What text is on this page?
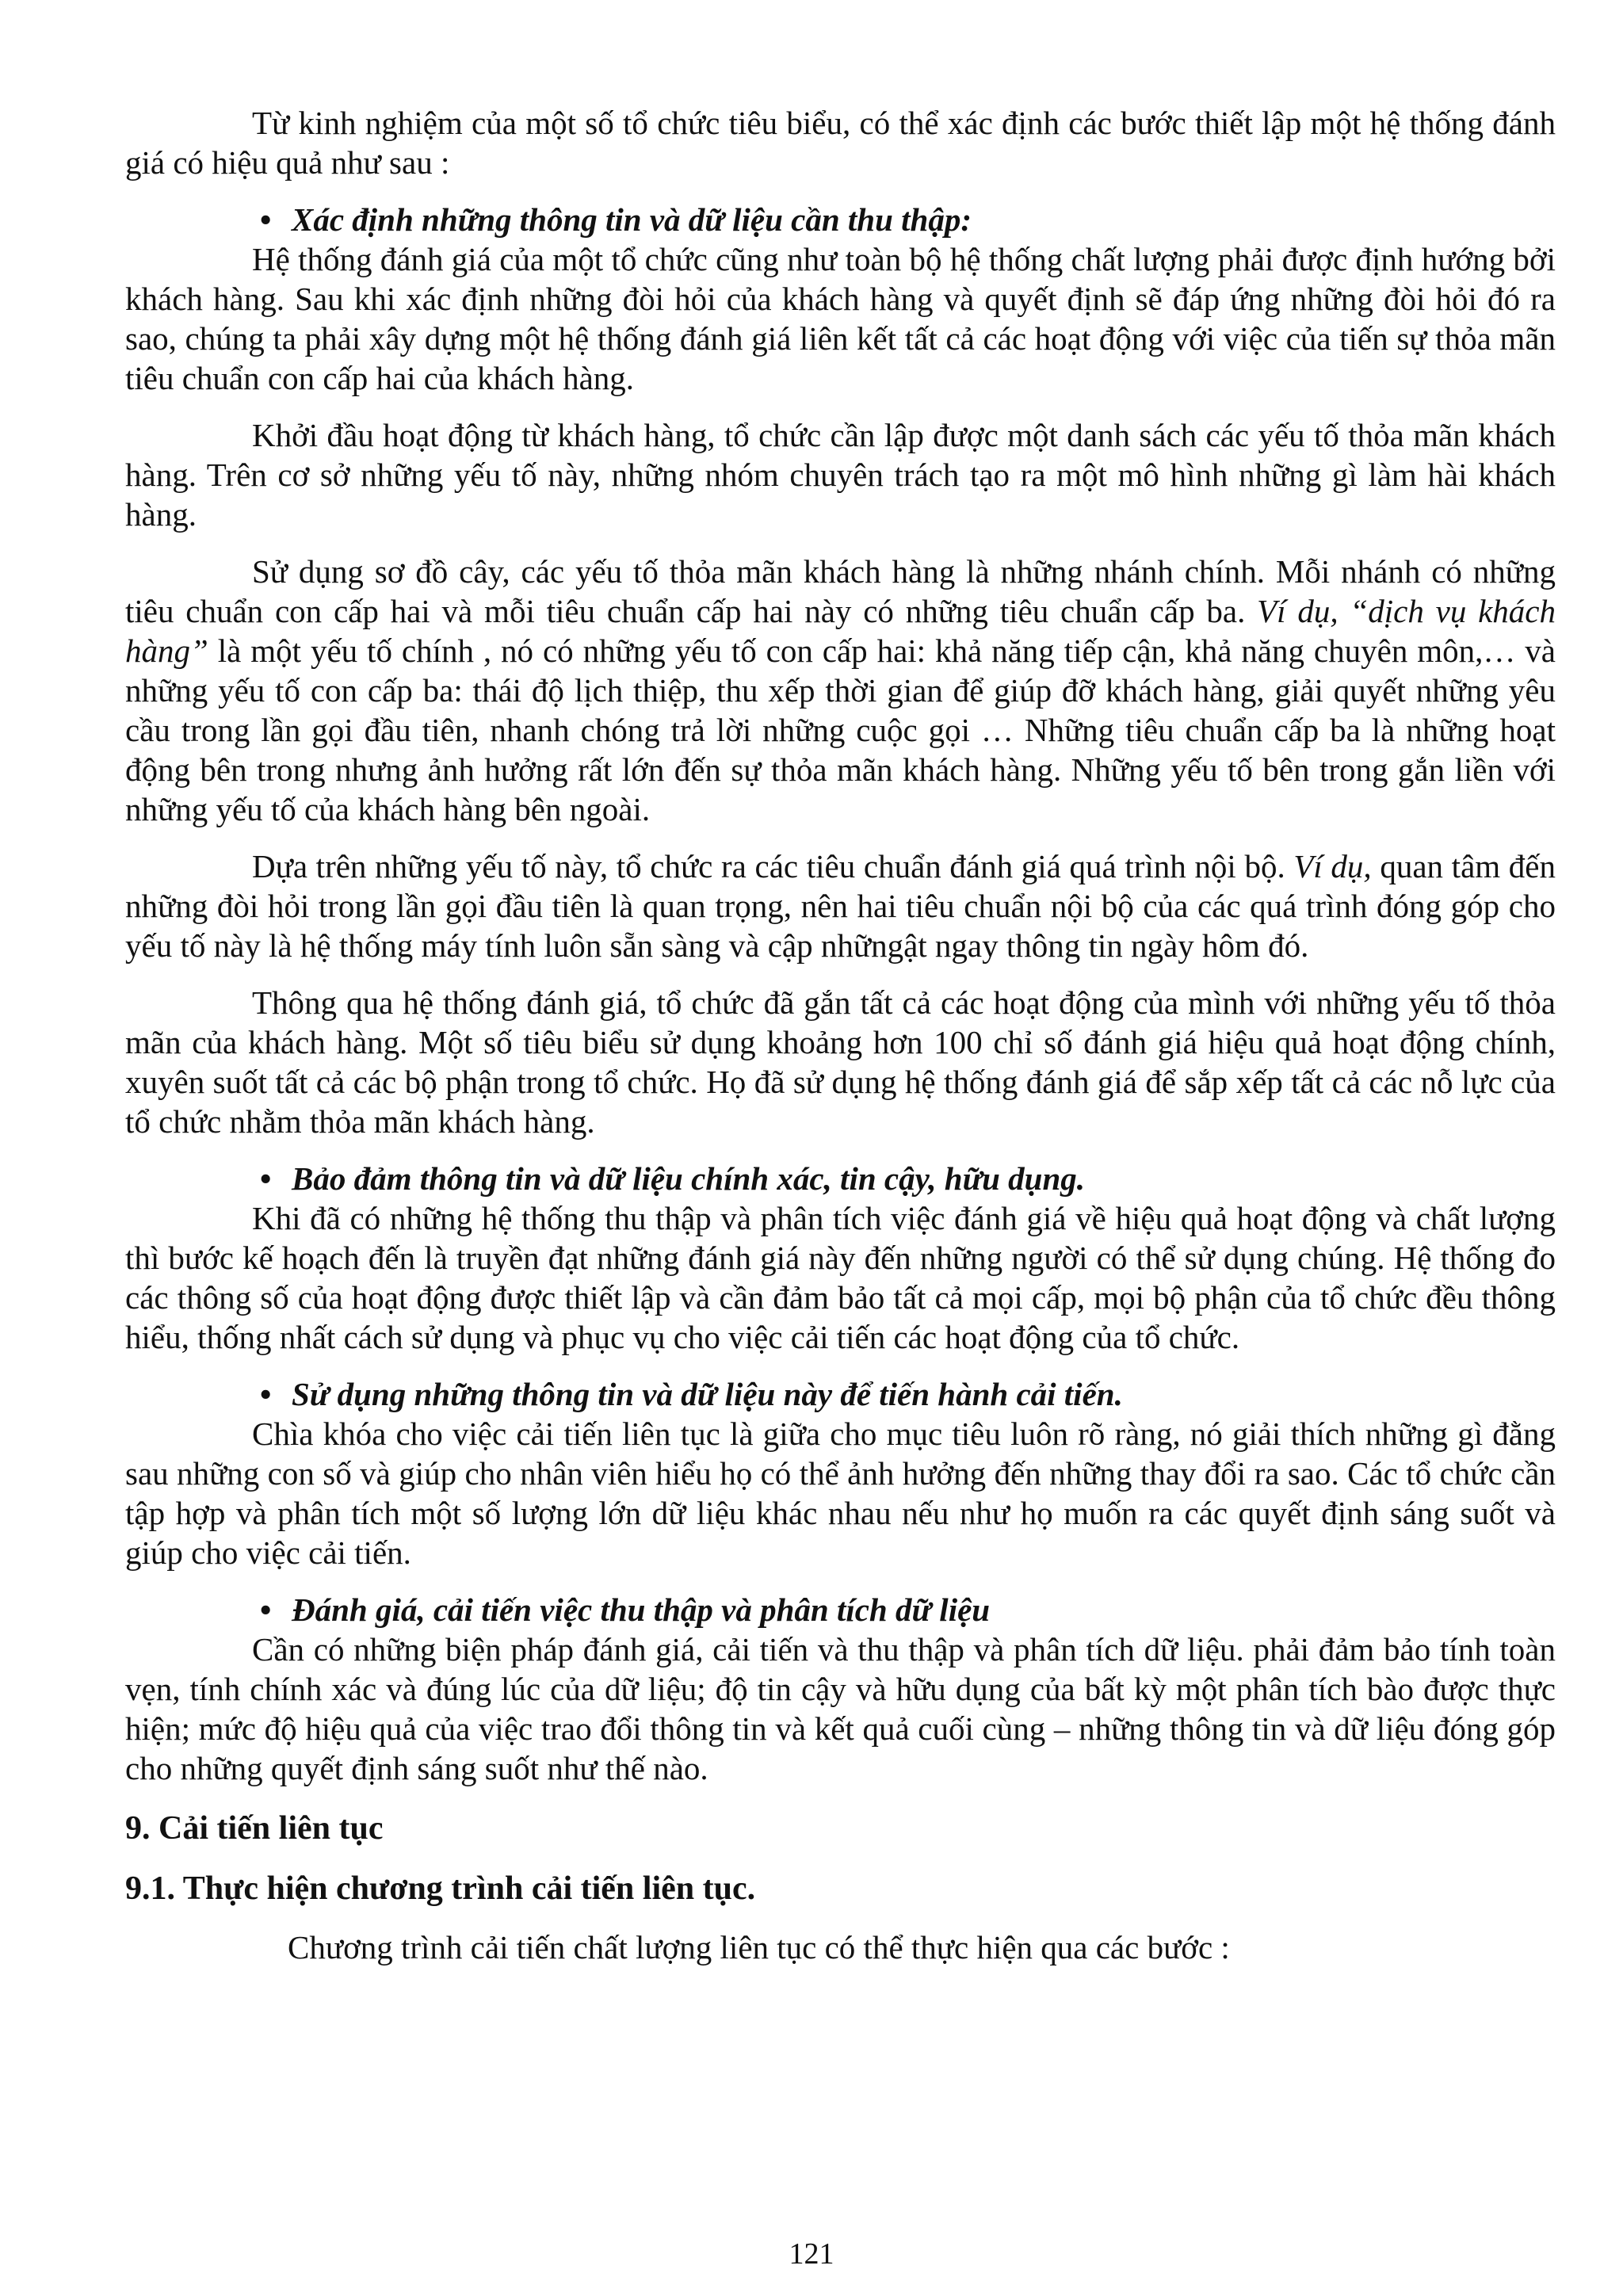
Từ kinh nghiệm của một số tổ chức tiêu biểu, có thể xác định các bước thiết lập một hệ thống đánh giá có hiệu quả như sau :

• Xác định những thông tin và dữ liệu cần thu thập:

Hệ thống đánh giá của một tổ chức cũng như toàn bộ hệ thống chất lượng phải được định hướng bởi khách hàng. Sau khi xác định những đòi hỏi của khách hàng và quyết định sẽ đáp ứng những đòi hỏi đó ra sao, chúng ta phải xây dựng một hệ thống đánh giá liên kết tất cả các hoạt động với việc của tiến sự thỏa mãn tiêu chuẩn con cấp hai của khách hàng.

Khởi đầu hoạt động từ khách hàng, tổ chức cần lập được một danh sách các yếu tố thỏa mãn khách hàng. Trên cơ sở những yếu tố này, những nhóm chuyên trách tạo ra một mô hình những gì làm hài khách hàng.

Sử dụng sơ đồ cây, các yếu tố thỏa mãn khách hàng là những nhánh chính. Mỗi nhánh có những tiêu chuẩn con cấp hai và mỗi tiêu chuẩn cấp hai này có những tiêu chuẩn cấp ba. Ví dụ, “dịch vụ khách hàng” là một yếu tố chính , nó có những yếu tố con cấp hai: khả năng tiếp cận, khả năng chuyên môn,… và những yếu tố con cấp ba: thái độ lịch thiệp, thu xếp thời gian để giúp đỡ khách hàng, giải quyết những yêu cầu trong lần gọi đầu tiên, nhanh chóng trả lời những cuộc gọi … Những tiêu chuẩn cấp ba là những hoạt động bên trong nhưng ảnh hưởng rất lớn đến sự thỏa mãn khách hàng. Những yếu tố bên trong gắn liền với những yếu tố của khách hàng bên ngoài.

Dựa trên những yếu tố này, tổ chức ra các tiêu chuẩn đánh giá quá trình nội bộ. Ví dụ, quan tâm đến những đòi hỏi trong lần gọi đầu tiên là quan trọng, nên hai tiêu chuẩn nội bộ của các quá trình đóng góp cho yếu tố này là hệ thống máy tính luôn sẵn sàng và cập nhữngật ngay thông tin ngày hôm đó.

Thông qua hệ thống đánh giá, tổ chức đã gắn tất cả các hoạt động của mình với những yếu tố thỏa mãn của khách hàng. Một số tiêu biểu sử dụng khoảng hơn 100 chỉ số đánh giá hiệu quả hoạt động chính, xuyên suốt tất cả các bộ phận trong tổ chức. Họ đã sử dụng hệ thống đánh giá để sắp xếp tất cả các nỗ lực của tổ chức nhằm thỏa mãn khách hàng.

• Bảo đảm thông tin và dữ liệu chính xác, tin cậy, hữu dụng.

Khi đã có những hệ thống thu thập và phân tích việc đánh giá về hiệu quả hoạt động và chất lượng thì bước kế hoạch đến là truyền đạt những đánh giá này đến những người có thể sử dụng chúng. Hệ thống đo các thông số của hoạt động được thiết lập và cần đảm bảo tất cả mọi cấp, mọi bộ phận của tổ chức đều thông hiểu, thống nhất cách sử dụng và phục vụ cho việc cải tiến các hoạt động của tổ chức.

• Sử dụng những thông tin và dữ liệu này để tiến hành cải tiến.

Chìa khóa cho việc cải tiến liên tục là giữa cho mục tiêu luôn rõ ràng, nó giải thích những gì đằng sau những con số và giúp cho nhân viên hiểu họ có thể ảnh hưởng đến những thay đổi ra sao. Các tổ chức cần tập hợp và phân tích một số lượng lớn dữ liệu khác nhau nếu như họ muốn ra các quyết định sáng suốt và giúp cho việc cải tiến.

• Đánh giá, cải tiến việc thu thập và phân tích dữ liệu

Cần có những biện pháp đánh giá, cải tiến và thu thập và phân tích dữ liệu. phải đảm bảo tính toàn vẹn, tính chính xác và đúng lúc của dữ liệu; độ tin cậy và hữu dụng của bất kỳ một phân tích bào được thực hiện; mức độ hiệu quả của việc trao đổi thông tin và kết quả cuối cùng – những thông tin và dữ liệu đóng góp cho những quyết định sáng suốt như thế nào.

9. Cải tiến liên tục
9.1. Thực hiện chương trình cải tiến liên tục.

Chương trình cải tiến chất lượng liên tục có thể thực hiện qua các bước :

121
